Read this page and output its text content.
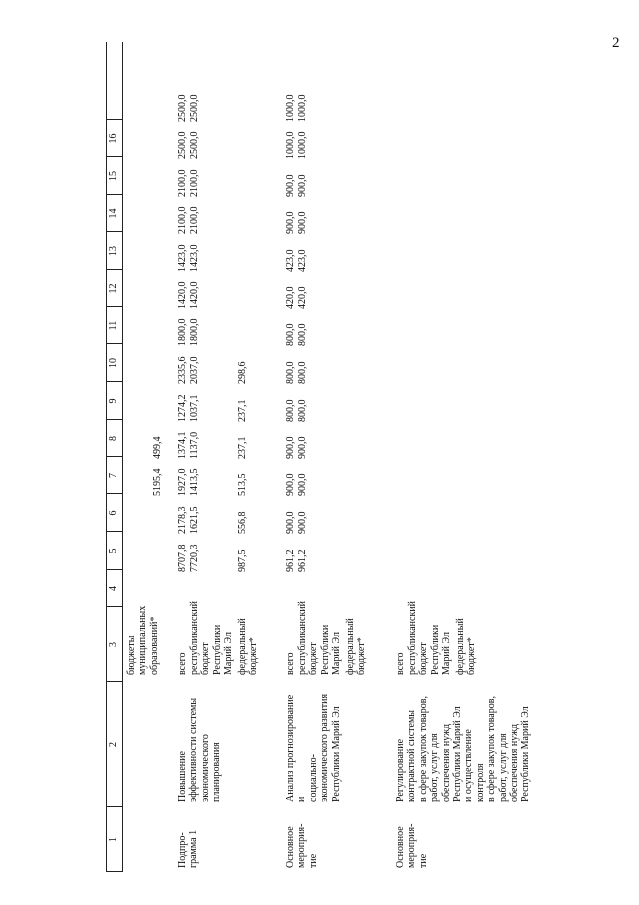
2
1
2
3
4
5
6
7
8
9
10
11
12
13
14
15
16
бюджеты муниципальных образований*
5195,4
499,4
Подпро- грамма 1
Повышение эффективности системы экономического планирования
всего
8707,8
2178,3
1927,0
1374,1
1274,2
2335,6
1800,0
1420,0
1423,0
2100,0
2100,0
2500,0
2500,0
республиканский бюджет Республики Марий Эл
7720,3
1621,5
1413,5
1137,0
1037,1
2037,0
1800,0
1420,0
1423,0
2100,0
2100,0
2500,0
2500,0
федеральный бюджет*
987,5
556,8
513,5
237,1
237,1
298,6
Основное мероприя- тие
Анализ прогнозирование и социально- экономического развития Республики Марий Эл
всего
961,2
900,0
900,0
900,0
800,0
800,0
800,0
420,0
423,0
900,0
900,0
1000,0
1000,0
республиканский бюджет Республики Марий Эл
961,2
900,0
900,0
900,0
800,0
800,0
800,0
420,0
423,0
900,0
900,0
1000,0
1000,0
федеральный бюджет*
Основное мероприя- тие
Регулирование контрактной системы в сфере закупок товаров, работ, услуг для обеспечения нужд Республики Марий Эл и осуществление контроля в сфере закупок товаров, работ, услуг для обеспечения нужд Республики Марий Эл
всего республиканский бюджет Республики Марий Эл федеральный бюджет*
